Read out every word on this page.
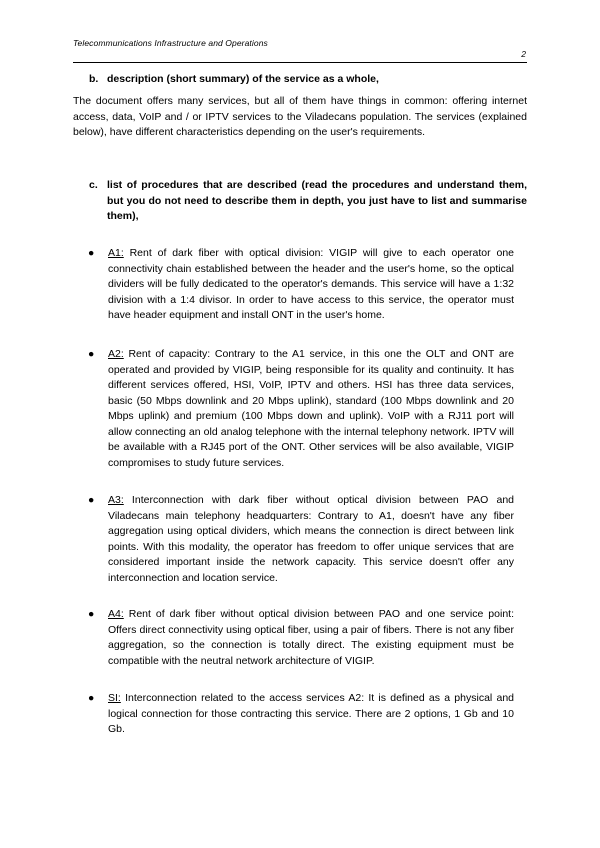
Telecommunications Infrastructure and Operations
2
b. description (short summary) of the service as a whole,
The document offers many services, but all of them have things in common: offering internet access, data, VoIP and / or IPTV services to the Viladecans population. The services (explained below), have different characteristics depending on the user's requirements.
c. list of procedures that are described (read the procedures and understand them, but you do not need to describe them in depth, you just have to list and summarise them),
● A1: Rent of dark fiber with optical division: VIGIP will give to each operator one connectivity chain established between the header and the user's home, so the optical dividers will be fully dedicated to the operator's demands. This service will have a 1:32 division with a 1:4 divisor. In order to have access to this service, the operator must have header equipment and install ONT in the user's home.
● A2: Rent of capacity: Contrary to the A1 service, in this one the OLT and ONT are operated and provided by VIGIP, being responsible for its quality and continuity. It has different services offered, HSI, VoIP, IPTV and others. HSI has three data services, basic (50 Mbps downlink and 20 Mbps uplink), standard (100 Mbps downlink and 20 Mbps uplink) and premium (100 Mbps down and uplink). VoIP with a RJ11 port will allow connecting an old analog telephone with the internal telephony network. IPTV will be available with a RJ45 port of the ONT. Other services will be also available, VIGIP compromises to study future services.
● A3: Interconnection with dark fiber without optical division between PAO and Viladecans main telephony headquarters: Contrary to A1, doesn't have any fiber aggregation using optical dividers, which means the connection is direct between link points. With this modality, the operator has freedom to offer unique services that are considered important inside the network capacity. This service doesn't offer any interconnection and location service.
● A4: Rent of dark fiber without optical division between PAO and one service point: Offers direct connectivity using optical fiber, using a pair of fibers. There is not any fiber aggregation, so the connection is totally direct. The existing equipment must be compatible with the neutral network architecture of VIGIP.
● SI: Interconnection related to the access services A2: It is defined as a physical and logical connection for those contracting this service. There are 2 options, 1 Gb and 10 Gb.
